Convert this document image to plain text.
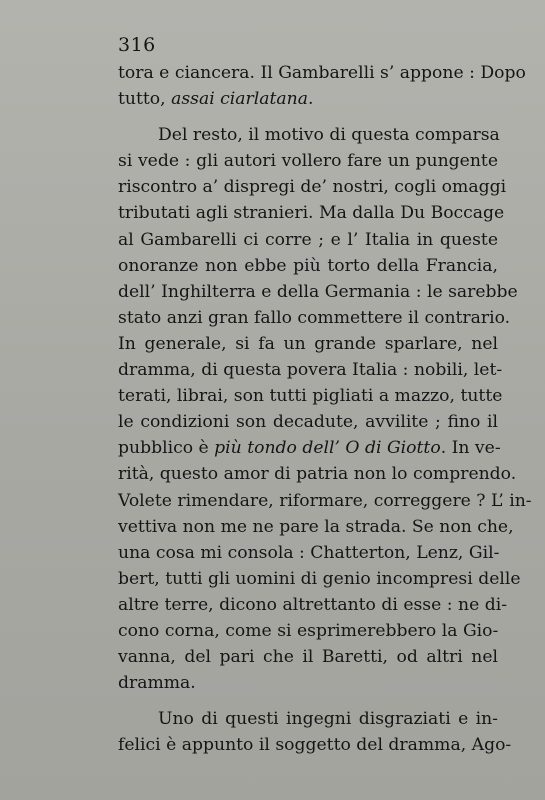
316
tora e ciancera. Il Gambarelli s’ appone : Dopo
tutto, assai ciarlatana.
Del resto, il motivo di questa comparsa
si vede : gli autori vollero fare un pungente
riscontro a’ dispregi de’ nostri, cogli omaggi
tributati agli stranieri. Ma dalla Du Boccage
al Gambarelli ci corre ; e l’ Italia in queste
onoranze non ebbe più torto della Francia,
dell’ Inghilterra e della Germania : le sarebbe
stato anzi gran fallo commettere il contrario.
In generale, si fa un grande sparlare, nel
dramma, di questa povera Italia : nobili, let-
terati, librai, son tutti pigliati a mazzo, tutte
le condizioni son decadute, avvilite ; fino il
pubblico è più tondo dell’ O di Giotto. In ve-
rità, questo amor di patria non lo comprendo.
Volete rimendare, riformare, correggere ? L’ in-
vettiva non me ne pare la strada. Se non che,
una cosa mi consola : Chatterton, Lenz, Gil-
bert, tutti gli uomini di genio incompresi delle
altre terre, dicono altrettanto di esse : ne di-
cono corna, come si esprimerebbero la Gio-
vanna, del pari che il Baretti, od altri nel
dramma.
Uno di questi ingegni disgraziati e in-
felici è appunto il soggetto del dramma, Ago-
